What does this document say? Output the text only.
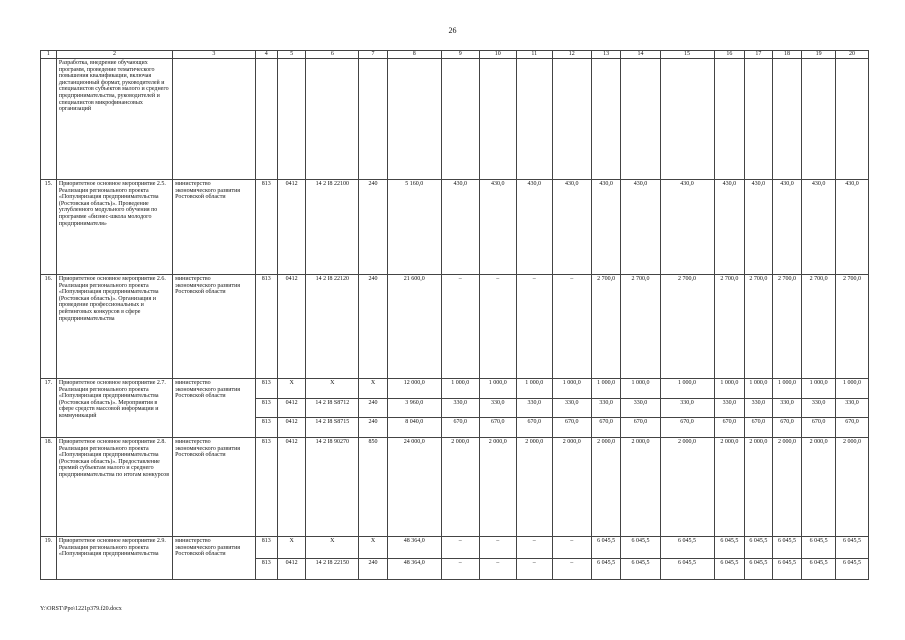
26
1	2	3	4	5	6	7	8	9	10	11	12	13	14	15	16	17	18	19	20
	Разработка, внедрение обучающих программ, проведение тематического повышения квалификации, включая дистанционный формат, руководителей и специалистов субъектов малого и среднего предпринимательства, руководителей и специалистов микрофинансовых организаций																		
15.	Приоритетное основное мероприятие 2.5. Реализация регионального проекта «Популяризация предпринимательства (Ростовская область)». Проведение углубленного модульного обучения по программе «бизнес-школа молодого предпринимателя»	министерство экономического развития Ростовской области	813	0412	14 2 I8 22100	240	5 160,0	430,0	430,0	430,0	430,0	430,0	430,0	430,0	430,0	430,0	430,0	430,0	430,0
16.	Приоритетное основное мероприятие 2.6. Реализация регионального проекта «Популяризация предпринимательства (Ростовская область)». Организация и проведение профессиональных и рейтинговых конкурсов в сфере предпринимательства	министерство экономического развития Ростовской области	813	0412	14 2 I8 22120	240	21 600,0	–	–	–	–	2 700,0	2 700,0	2 700,0	2 700,0	2 700,0	2 700,0	2 700,0	2 700,0
17.	Приоритетное основное мероприятие 2.7. Реализация регионального проекта «Популяризация предпринимательства (Ростовская область)». Мероприятия в сфере средств массовой информации и коммуникаций	министерство экономического развития Ростовской области	813	Х	Х	Х	12 000,0	1 000,0	1 000,0	1 000,0	1 000,0	1 000,0	1 000,0	1 000,0	1 000,0	1 000,0	1 000,0	1 000,0	1 000,0
			813	0412	14 2 I8 S8712	240	3 960,0	330,0	330,0	330,0	330,0	330,0	330,0	330,0	330,0	330,0	330,0	330,0	330,0
			813	0412	14 2 I8 S8715	240	8 040,0	670,0	670,0	670,0	670,0	670,0	670,0	670,0	670,0	670,0	670,0	670,0	670,0
18.	Приоритетное основное мероприятие 2.8. Реализация регионального проекта «Популяризация предпринимательства (Ростовская область)». Предоставление премий субъектам малого и среднего предпринимательства по итогам конкурсов	министерство экономического развития Ростовской области	813	0412	14 2 I8 90270	850	24 000,0	2 000,0	2 000,0	2 000,0	2 000,0	2 000,0	2 000,0	2 000,0	2 000,0	2 000,0	2 000,0	2 000,0	2 000,0
19.	Приоритетное основное мероприятие 2.9. Реализация регионального проекта «Популяризация предпринимательства	министерство экономического развития Ростовской области	813	Х	Х	Х	48 364,0	–	–	–	–	6 045,5	6 045,5	6 045,5	6 045,5	6 045,5	6 045,5	6 045,5	6 045,5
			813	0412	14 2 I8 22150	240	48 364,0	–	–	–	–	6 045,5	6 045,5	6 045,5	6 045,5	6 045,5	6 045,5	6 045,5	6 045,5
Y:\ORST\Ppo\1221p379.f20.docx
